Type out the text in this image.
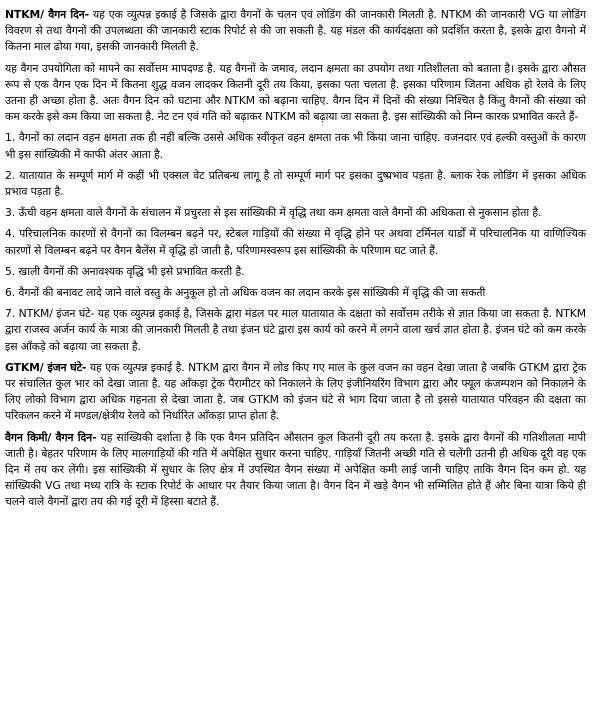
NTKM/ वैगन दिन- यह एक व्युत्पन्न इकाई है जिसके द्वारा वैगनों के चलन एवं लोडिंग की जानकारी मिलती है. NTKM की जानकारी VG या लोडिंग विवरण से तथा वैगनों की उपलब्धता की जानकारी स्टाक रिपोर्ट से की जा सकती है. यह मंडल की कार्यदक्षता को प्रदर्शित करता है, इसके द्वारा वैगनो में कितना माल ढोया गया, इसकी जानकारी मिलती है.

यह वैगन उपयोगिता को मापने का सर्वोत्तम मापदण्ड है. यह वैगनों के जमाव, लदान क्षमता का उपयोग तथा गतिशीलता को बताता है। इसके द्वारा औसत रूप से एक वैगन एक दिन में कितना शुद्ध वजन लादकर कितनी दूरी तय किया, इसका पता चलता है. इसका परिणाम जितना अधिक हो रेलवे के लिए उतना ही अच्छा होता है. अतः वैगन दिन को घटाना और NTKM को बढ़ाना चाहिए. वैगन दिन में दिनों की संख्या निश्चित है किंतु वैगनों की संख्या को कम करके इसे कम किया जा सकता है. नेट टन एवं गति को बढ़ाकर NTKM को बढ़ाया जा सकता है. इस सांख्यिकी को निम्न कारक प्रभावित करते हैं-

1. वैगनों का लदान वहन क्षमता तक ही नहीं बल्कि उससे अधिक स्वीकृत वहन क्षमता तक भी किया जाना चाहिए. वजनदार एवं हल्की वस्तुओं के कारण भी इस सांख्यिकी में काफी अंतर आता है.

2. यातायात के सम्पूर्ण मार्ग में कहीं भी एक्सल वेट प्रतिबन्ध लागू है तो सम्पूर्ण मार्ग पर इसका दुष्प्रभाव पड़ता है. ब्लाक रेक लोडिंग में इसका अधिक प्रभाव पड़ता है.

3. ऊँची वहन क्षमता वाले वैगनों के संचालन में प्रचुरता से इस सांख्यिकी में वृद्धि तथा कम क्षमता वाले वैगनों की अधिकता से नुकसान होता है.

4. परिचालनिक कारणों से वैगनों का विलम्बन बढ़ने पर, स्टेबल गाड़ियों की संख्या में वृद्धि होने पर अथवा टर्मिनल यार्डों में परिचालनिक या वाणिज्यिक कारणों से विलम्बन बढ़ने पर वैगन बैलेंस में वृद्धि हो जाती है, परिणामस्वरूप इस सांख्यिकी के परिणाम घट जाते हैं.

5. खाली वैगनों की अनावश्यक वृद्धि भी इसे प्रभावित करती है.

6. वैगनों की बनावट लादे जाने वाले वस्तु के अनुकूल हो तो अधिक वजन का लदान करके इस सांख्यिकी में वृद्धि की जा सकती

7. NTKM/ इंजन घंटे- यह एक व्युत्पन्न इकाई है, जिसके द्वारा मंडल पर माल यातायात के दक्षता को सर्वोत्तम तरीके से ज्ञात किया जा सकता है. NTKM द्वारा राजस्व अर्जन कार्य के मात्रा की जानकारी मिलती है तथा इंजन घंटे द्वारा इस कार्य को करने में लगने वाला खर्च ज्ञात होता है. इंजन घंटे को कम करके इस आँकड़े को बढ़ाया जा सकता है.

GTKM/ इंजन घंटे- यह एक व्युत्पन्न इकाई है. NTKM द्वारा वैगन में लोड किए गए माल के कुल वजन का वहन देखा जाता है जबकि GTKM द्वारा ट्रेक पर संचालित कुल भार को देखा जाता है. यह आँकड़ा ट्रेक पैरामीटर को निकालने के लिए इंजीनियरिंग विभाग द्वारा और फ्यूल कंजम्पशन को निकालने के लिए लोको विभाग द्वारा अधिक गहनता से देखा जाता है. जब GTKM को इंजन घंटे से भाग दिया जाता है तो इससे यातायात परिवहन की दक्षता का परिकलन करने में मण्डल/क्षेत्रीय रेलवे को निर्धारित आँकड़ा प्राप्त होता है.

वैगन किमी/ वैगन दिन- यह सांख्यिकी दर्शाता है कि एक वैगन प्रतिदिन औसतन कुल कितनी दूरी तय करता है. इसके द्वारा वैगनों की गतिशीलता मापी जाती है। बेहतर परिणाम के लिए मालगाड़ियों की गति में अपेक्षित सुधार करना चाहिए. गाड़ियाँ जितनी अच्छी गति से चलेंगी उतनी ही अधिक दूरी वह एक दिन में तय कर लेंगी। इस सांख्यिकी में सुधार के लिए क्षेत्र में उपस्थित वैगन संख्या में अपेक्षित कमी लाई जानी चाहिए ताकि वैगन दिन कम हो. यह सांख्यिकी VG तथा मध्य रात्रि के स्टाक रिपोर्ट के आधार पर तैयार किया जाता है। वैगन दिन में खड़े वैगन भी सम्मिलित होते हैं और बिना यात्रा किये ही चलने वाले वैगनों द्वारा तय की गई दूरी में हिस्सा बटाते हैं.
